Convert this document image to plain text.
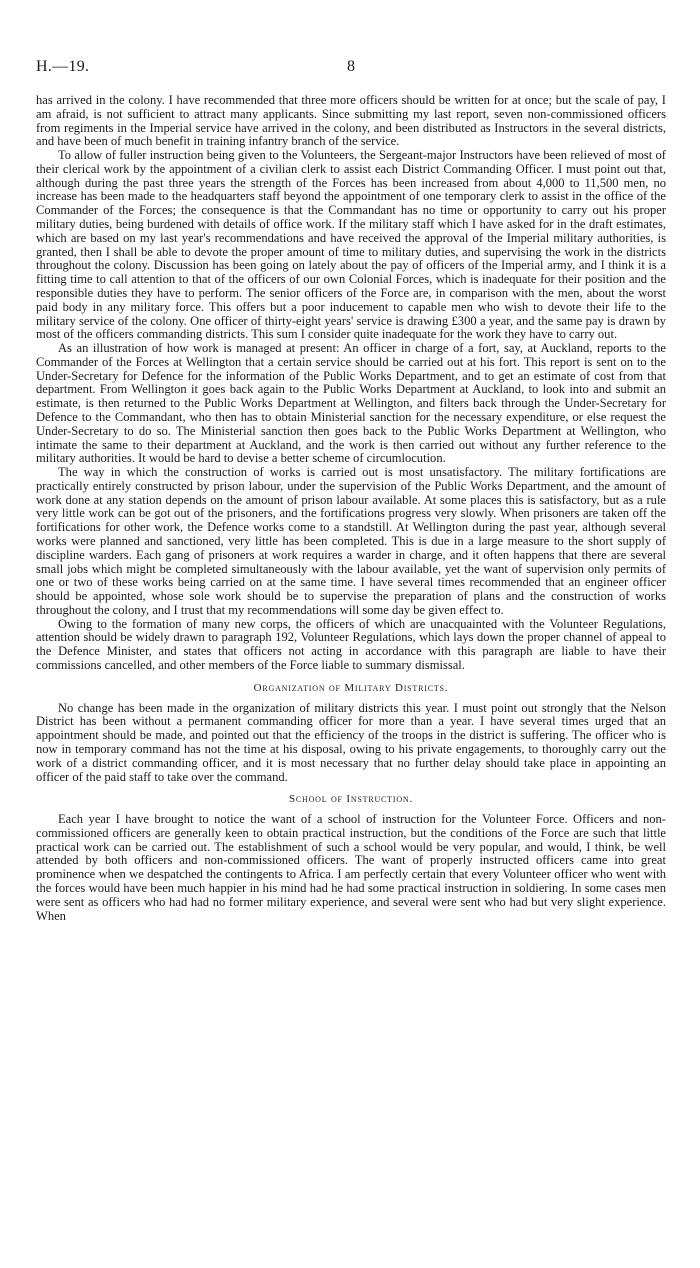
H.—19.	8

has arrived in the colony. I have recommended that three more officers should be written for at once; but the scale of pay, I am afraid, is not sufficient to attract many applicants. Since submitting my last report, seven non-commissioned officers from regiments in the Imperial service have arrived in the colony, and been distributed as Instructors in the several districts, and have been of much benefit in training infantry branch of the service.

To allow of fuller instruction being given to the Volunteers, the Sergeant-major Instructors have been relieved of most of their clerical work by the appointment of a civilian clerk to assist each District Commanding Officer. I must point out that, although during the past three years the strength of the Forces has been increased from about 4,000 to 11,500 men, no increase has been made to the headquarters staff beyond the appointment of one temporary clerk to assist in the office of the Commander of the Forces; the consequence is that the Commandant has no time or opportunity to carry out his proper military duties, being burdened with details of office work. If the military staff which I have asked for in the draft estimates, which are based on my last year's recommendations and have received the approval of the Imperial military authorities, is granted, then I shall be able to devote the proper amount of time to military duties, and supervising the work in the districts throughout the colony. Discussion has been going on lately about the pay of officers of the Imperial army, and I think it is a fitting time to call attention to that of the officers of our own Colonial Forces, which is inadequate for their position and the responsible duties they have to perform. The senior officers of the Force are, in comparison with the men, about the worst paid body in any military force. This offers but a poor inducement to capable men who wish to devote their life to the military service of the colony. One officer of thirty-eight years' service is drawing £300 a year, and the same pay is drawn by most of the officers commanding districts. This sum I consider quite inadequate for the work they have to carry out.

As an illustration of how work is managed at present: An officer in charge of a fort, say, at Auckland, reports to the Commander of the Forces at Wellington that a certain service should be carried out at his fort. This report is sent on to the Under-Secretary for Defence for the information of the Public Works Department, and to get an estimate of cost from that department. From Wellington it goes back again to the Public Works Department at Auckland, to look into and submit an estimate, is then returned to the Public Works Department at Wellington, and filters back through the Under-Secretary for Defence to the Commandant, who then has to obtain Ministerial sanction for the necessary expenditure, or else request the Under-Secretary to do so. The Ministerial sanction then goes back to the Public Works Department at Wellington, who intimate the same to their department at Auckland, and the work is then carried out without any further reference to the military authorities. It would be hard to devise a better scheme of circumlocution.

The way in which the construction of works is carried out is most unsatisfactory. The military fortifications are practically entirely constructed by prison labour, under the supervision of the Public Works Department, and the amount of work done at any station depends on the amount of prison labour available. At some places this is satisfactory, but as a rule very little work can be got out of the prisoners, and the fortifications progress very slowly. When prisoners are taken off the fortifications for other work, the Defence works come to a standstill. At Wellington during the past year, although several works were planned and sanctioned, very little has been completed. This is due in a large measure to the short supply of discipline warders. Each gang of prisoners at work requires a warder in charge, and it often happens that there are several small jobs which might be completed simultaneously with the labour available, yet the want of supervision only permits of one or two of these works being carried on at the same time. I have several times recommended that an engineer officer should be appointed, whose sole work should be to supervise the preparation of plans and the construction of works throughout the colony, and I trust that my recommendations will some day be given effect to.

Owing to the formation of many new corps, the officers of which are unacquainted with the Volunteer Regulations, attention should be widely drawn to paragraph 192, Volunteer Regulations, which lays down the proper channel of appeal to the Defence Minister, and states that officers not acting in accordance with this paragraph are liable to have their commissions cancelled, and other members of the Force liable to summary dismissal.

Organization of Military Districts.

No change has been made in the organization of military districts this year. I must point out strongly that the Nelson District has been without a permanent commanding officer for more than a year. I have several times urged that an appointment should be made, and pointed out that the efficiency of the troops in the district is suffering. The officer who is now in temporary command has not the time at his disposal, owing to his private engagements, to thoroughly carry out the work of a district commanding officer, and it is most necessary that no further delay should take place in appointing an officer of the paid staff to take over the command.

School of Instruction.

Each year I have brought to notice the want of a school of instruction for the Volunteer Force. Officers and non-commissioned officers are generally keen to obtain practical instruction, but the conditions of the Force are such that little practical work can be carried out. The establishment of such a school would be very popular, and would, I think, be well attended by both officers and non-commissioned officers. The want of properly instructed officers came into great prominence when we despatched the contingents to Africa. I am perfectly certain that every Volunteer officer who went with the forces would have been much happier in his mind had he had some practical instruction in soldiering. In some cases men were sent as officers who had had no former military experience, and several were sent who had but very slight experience. When
